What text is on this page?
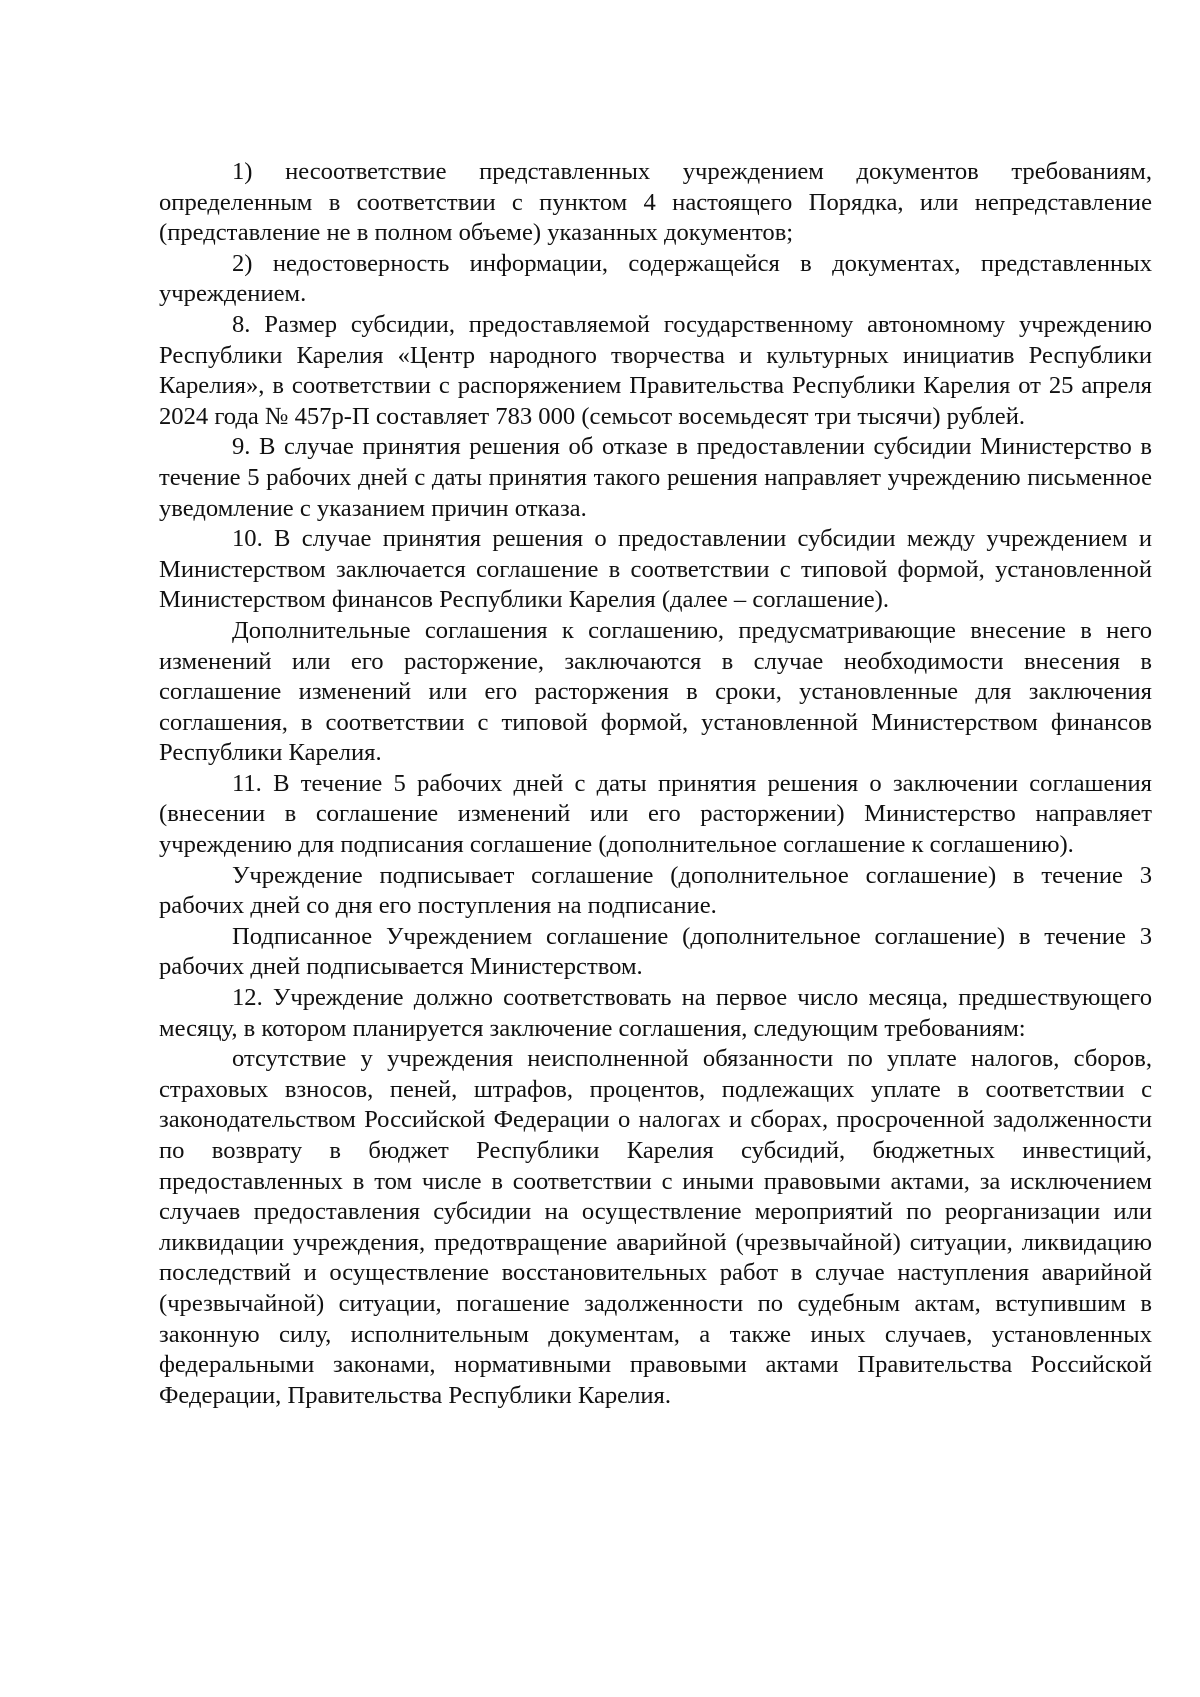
1) несоответствие представленных учреждением документов требованиям, определенным в соответствии с пунктом 4 настоящего Порядка, или непредставление (представление не в полном объеме) указанных документов;

2) недостоверность информации, содержащейся в документах, представленных учреждением.

8. Размер субсидии, предоставляемой государственному автономному учреждению Республики Карелия «Центр народного творчества и культурных инициатив Республики Карелия», в соответствии с распоряжением Правительства Республики Карелия от 25 апреля 2024 года № 457р-П составляет 783 000 (семьсот восемьдесят три тысячи) рублей.

9. В случае принятия решения об отказе в предоставлении субсидии Министерство в течение 5 рабочих дней с даты принятия такого решения направляет учреждению письменное уведомление с указанием причин отказа.

10. В случае принятия решения о предоставлении субсидии между учреждением и Министерством заключается соглашение в соответствии с типовой формой, установленной Министерством финансов Республики Карелия (далее – соглашение).

Дополнительные соглашения к соглашению, предусматривающие внесение в него изменений или его расторжение, заключаются в случае необходимости внесения в соглашение изменений или его расторжения в сроки, установленные для заключения соглашения, в соответствии с типовой формой, установленной Министерством финансов Республики Карелия.

11. В течение 5 рабочих дней с даты принятия решения о заключении соглашения (внесении в соглашение изменений или его расторжении) Министерство направляет учреждению для подписания соглашение (дополнительное соглашение к соглашению).

Учреждение подписывает соглашение (дополнительное соглашение) в течение 3 рабочих дней со дня его поступления на подписание.

Подписанное Учреждением соглашение (дополнительное соглашение) в течение 3 рабочих дней подписывается Министерством.

12. Учреждение должно соответствовать на первое число месяца, предшествующего месяцу, в котором планируется заключение соглашения, следующим требованиям:

отсутствие у учреждения неисполненной обязанности по уплате налогов, сборов, страховых взносов, пеней, штрафов, процентов, подлежащих уплате в соответствии с законодательством Российской Федерации о налогах и сборах, просроченной задолженности по возврату в бюджет Республики Карелия субсидий, бюджетных инвестиций, предоставленных в том числе в соответствии с иными правовыми актами, за исключением случаев предоставления субсидии на осуществление мероприятий по реорганизации или ликвидации учреждения, предотвращение аварийной (чрезвычайной) ситуации, ликвидацию последствий и осуществление восстановительных работ в случае наступления аварийной (чрезвычайной) ситуации, погашение задолженности по судебным актам, вступившим в законную силу, исполнительным документам, а также иных случаев, установленных федеральными законами, нормативными правовыми актами Правительства Российской Федерации, Правительства Республики Карелия.
